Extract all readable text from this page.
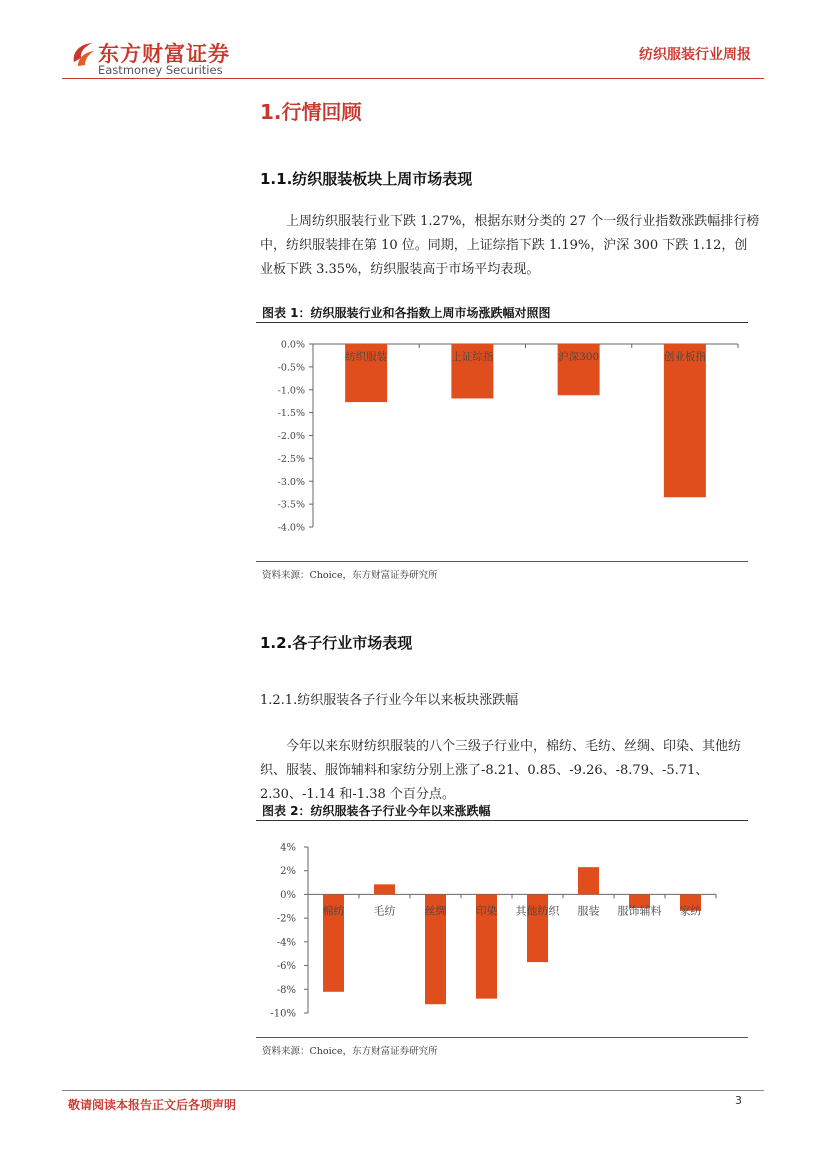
东方财富证券
Eastmoney Securities
纺织服装行业周报
1.行情回顾
1.1.纺织服装板块上周市场表现
上周纺织服装行业下跌 1.27%，根据东财分类的 27 个一级行业指数涨跌幅排行榜中，纺织服装排在第 10 位。同期，上证综指下跌 1.19%，沪深 300 下跌 1.12，创业板下跌 3.35%，纺织服装高于市场平均表现。
图表 1：纺织服装行业和各指数上周市场涨跌幅对照图
0.0%
-0.5%
-1.0%
-1.5%
-2.0%
-2.5%
-3.0%
-3.5%
-4.0%
纺织服装	上证综指	沪深300	创业板指
资料来源：Choice，东方财富证券研究所
1.2.各子行业市场表现
1.2.1.纺织服装各子行业今年以来板块涨跌幅
今年以来东财纺织服装的八个三级子行业中，棉纺、毛纺、丝绸、印染、其他纺织、服装、服饰辅料和家纺分别上涨了-8.21、0.85、-9.26、-8.79、-5.71、2.30、-1.14 和-1.38 个百分点。
图表 2：纺织服装各子行业今年以来涨跌幅
4%
2%
0%
-2%
-4%
-6%
-8%
-10%
棉纺	毛纺	丝绸	印染 其他纺织 服装 服饰辅料 家纺
资料来源：Choice，东方财富证券研究所
敬请阅读本报告正文后各项声明	3
